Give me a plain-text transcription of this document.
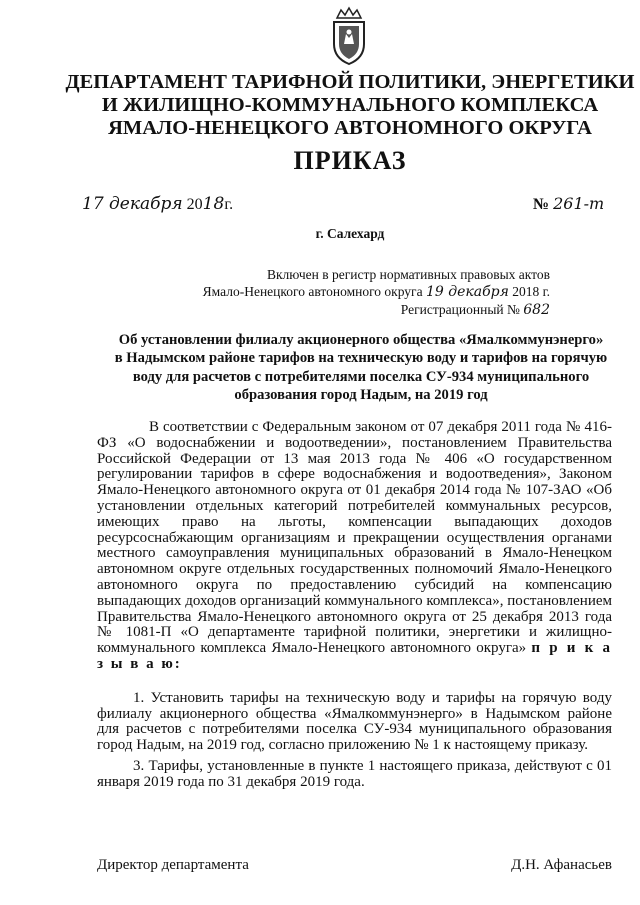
ДЕПАРТАМЕНТ ТАРИФНОЙ ПОЛИТИКИ, ЭНЕРГЕТИКИ
И ЖИЛИЩНО-КОММУНАЛЬНОГО КОМПЛЕКСА
ЯМАЛО-НЕНЕЦКОГО АВТОНОМНОГО ОКРУГА
ПРИКАЗ
17 декабря 2018г.	№ 261-т
г. Салехард
Включен в регистр нормативных правовых актов
Ямало-Ненецкого автономного округа 19 декабря 2018 г.
Регистрационный № 682
Об установлении филиалу акционерного общества «Ямалкоммунэнерго»
в Надымском районе тарифов на техническую воду и тарифов на горячую
воду для расчетов с потребителями поселка СУ-934 муниципального
образования город Надым, на 2019 год
В соответствии с Федеральным законом от 07 декабря 2011 года № 416-ФЗ «О водоснабжении и водоотведении», постановлением Правительства Российской Федерации от 13 мая 2013 года № 406 «О государственном регулировании тарифов в сфере водоснабжения и водоотведения», Законом Ямало-Ненецкого автономного округа от 01 декабря 2014 года № 107-ЗАО «Об установлении отдельных категорий потребителей коммунальных ресурсов, имеющих право на льготы, компенсации выпадающих доходов ресурсоснабжающим организациям и прекращении осуществления органами местного самоуправления муниципальных образований в Ямало-Ненецком автономном округе отдельных государственных полномочий Ямало-Ненецкого автономного округа по предоставлению субсидий на компенсацию выпадающих доходов организаций коммунального комплекса», постановлением Правительства Ямало-Ненецкого автономного округа от 25 декабря 2013 года № 1081-П «О департаменте тарифной политики, энергетики и жилищно-коммунального комплекса Ямало-Ненецкого автономного округа» п р и к а з ы в а ю:
1. Установить тарифы на техническую воду и тарифы на горячую воду филиалу акционерного общества «Ямалкоммунэнерго» в Надымском районе для расчетов с потребителями поселка СУ-934 муниципального образования город Надым, на 2019 год, согласно приложению № 1 к настоящему приказу.
3. Тарифы, установленные в пункте 1 настоящего приказа, действуют с 01 января 2019 года по 31 декабря 2019 года.
Директор департамента	Д.Н. Афанасьев
